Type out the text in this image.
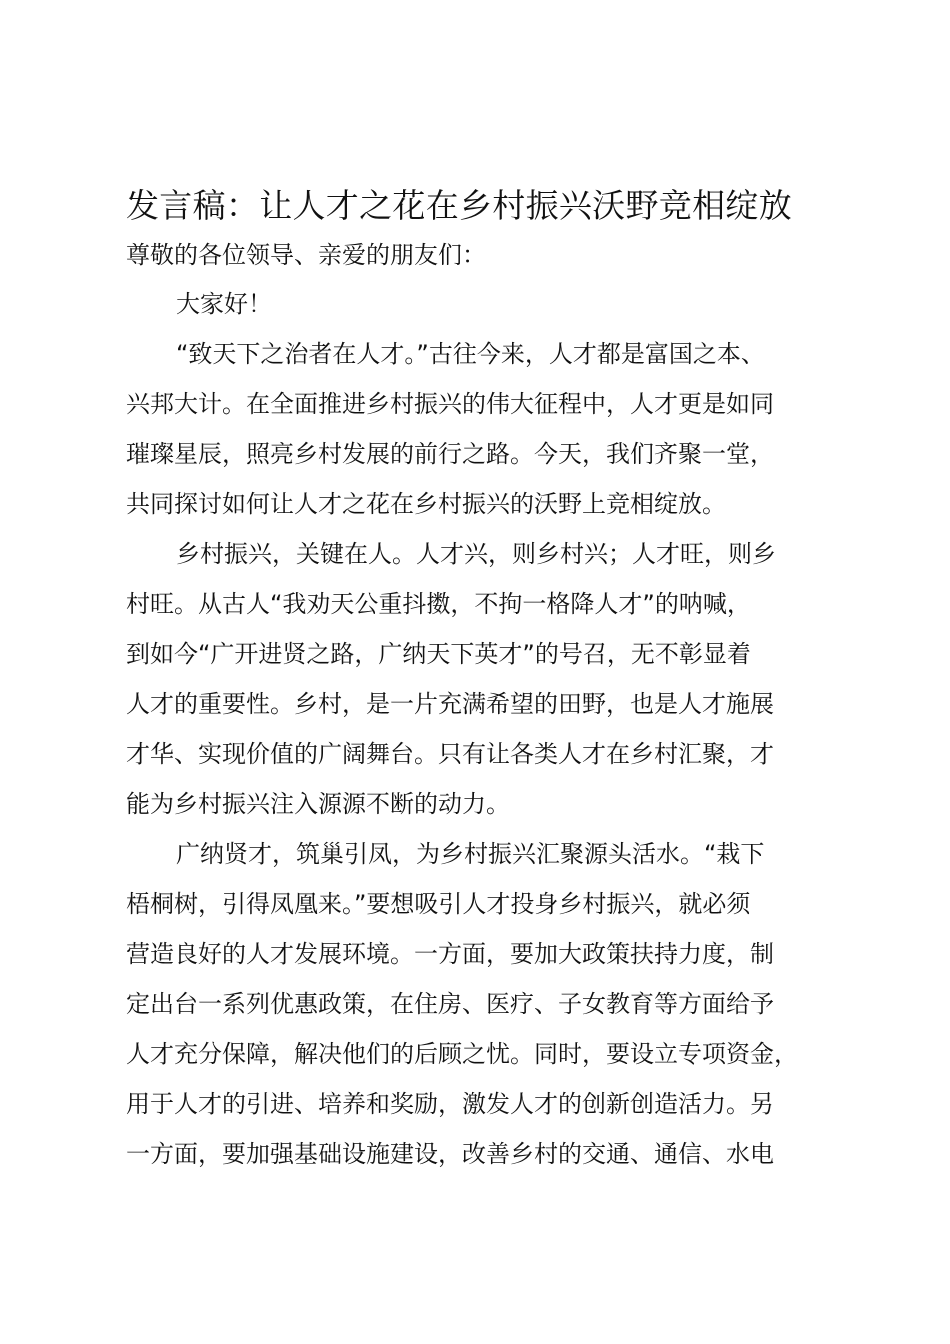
发言稿：让人才之花在乡村振兴沃野竞相绽放
尊敬的各位领导、亲爱的朋友们：
大家好！
“致天下之治者在人才。”古往今来，人才都是富国之本、
兴邦大计。在全面推进乡村振兴的伟大征程中，人才更是如同
璀璨星辰，照亮乡村发展的前行之路。今天，我们齐聚一堂，
共同探讨如何让人才之花在乡村振兴的沃野上竞相绽放。
乡村振兴，关键在人。人才兴，则乡村兴；人才旺，则乡
村旺。从古人“我劝天公重抖擞，不拘一格降人才”的呐喊，
到如今“广开进贤之路，广纳天下英才”的号召，无不彰显着
人才的重要性。乡村，是一片充满希望的田野，也是人才施展
才华、实现价值的广阔舞台。只有让各类人才在乡村汇聚，才
能为乡村振兴注入源源不断的动力。
广纳贤才，筑巢引凤，为乡村振兴汇聚源头活水。“栽下
梧桐树，引得凤凰来。”要想吸引人才投身乡村振兴，就必须
营造良好的人才发展环境。一方面，要加大政策扶持力度，制
定出台一系列优惠政策，在住房、医疗、子女教育等方面给予
人才充分保障，解决他们的后顾之忧。同时，要设立专项资金，
用于人才的引进、培养和奖励，激发人才的创新创造活力。另
一方面，要加强基础设施建设，改善乡村的交通、通信、水电
